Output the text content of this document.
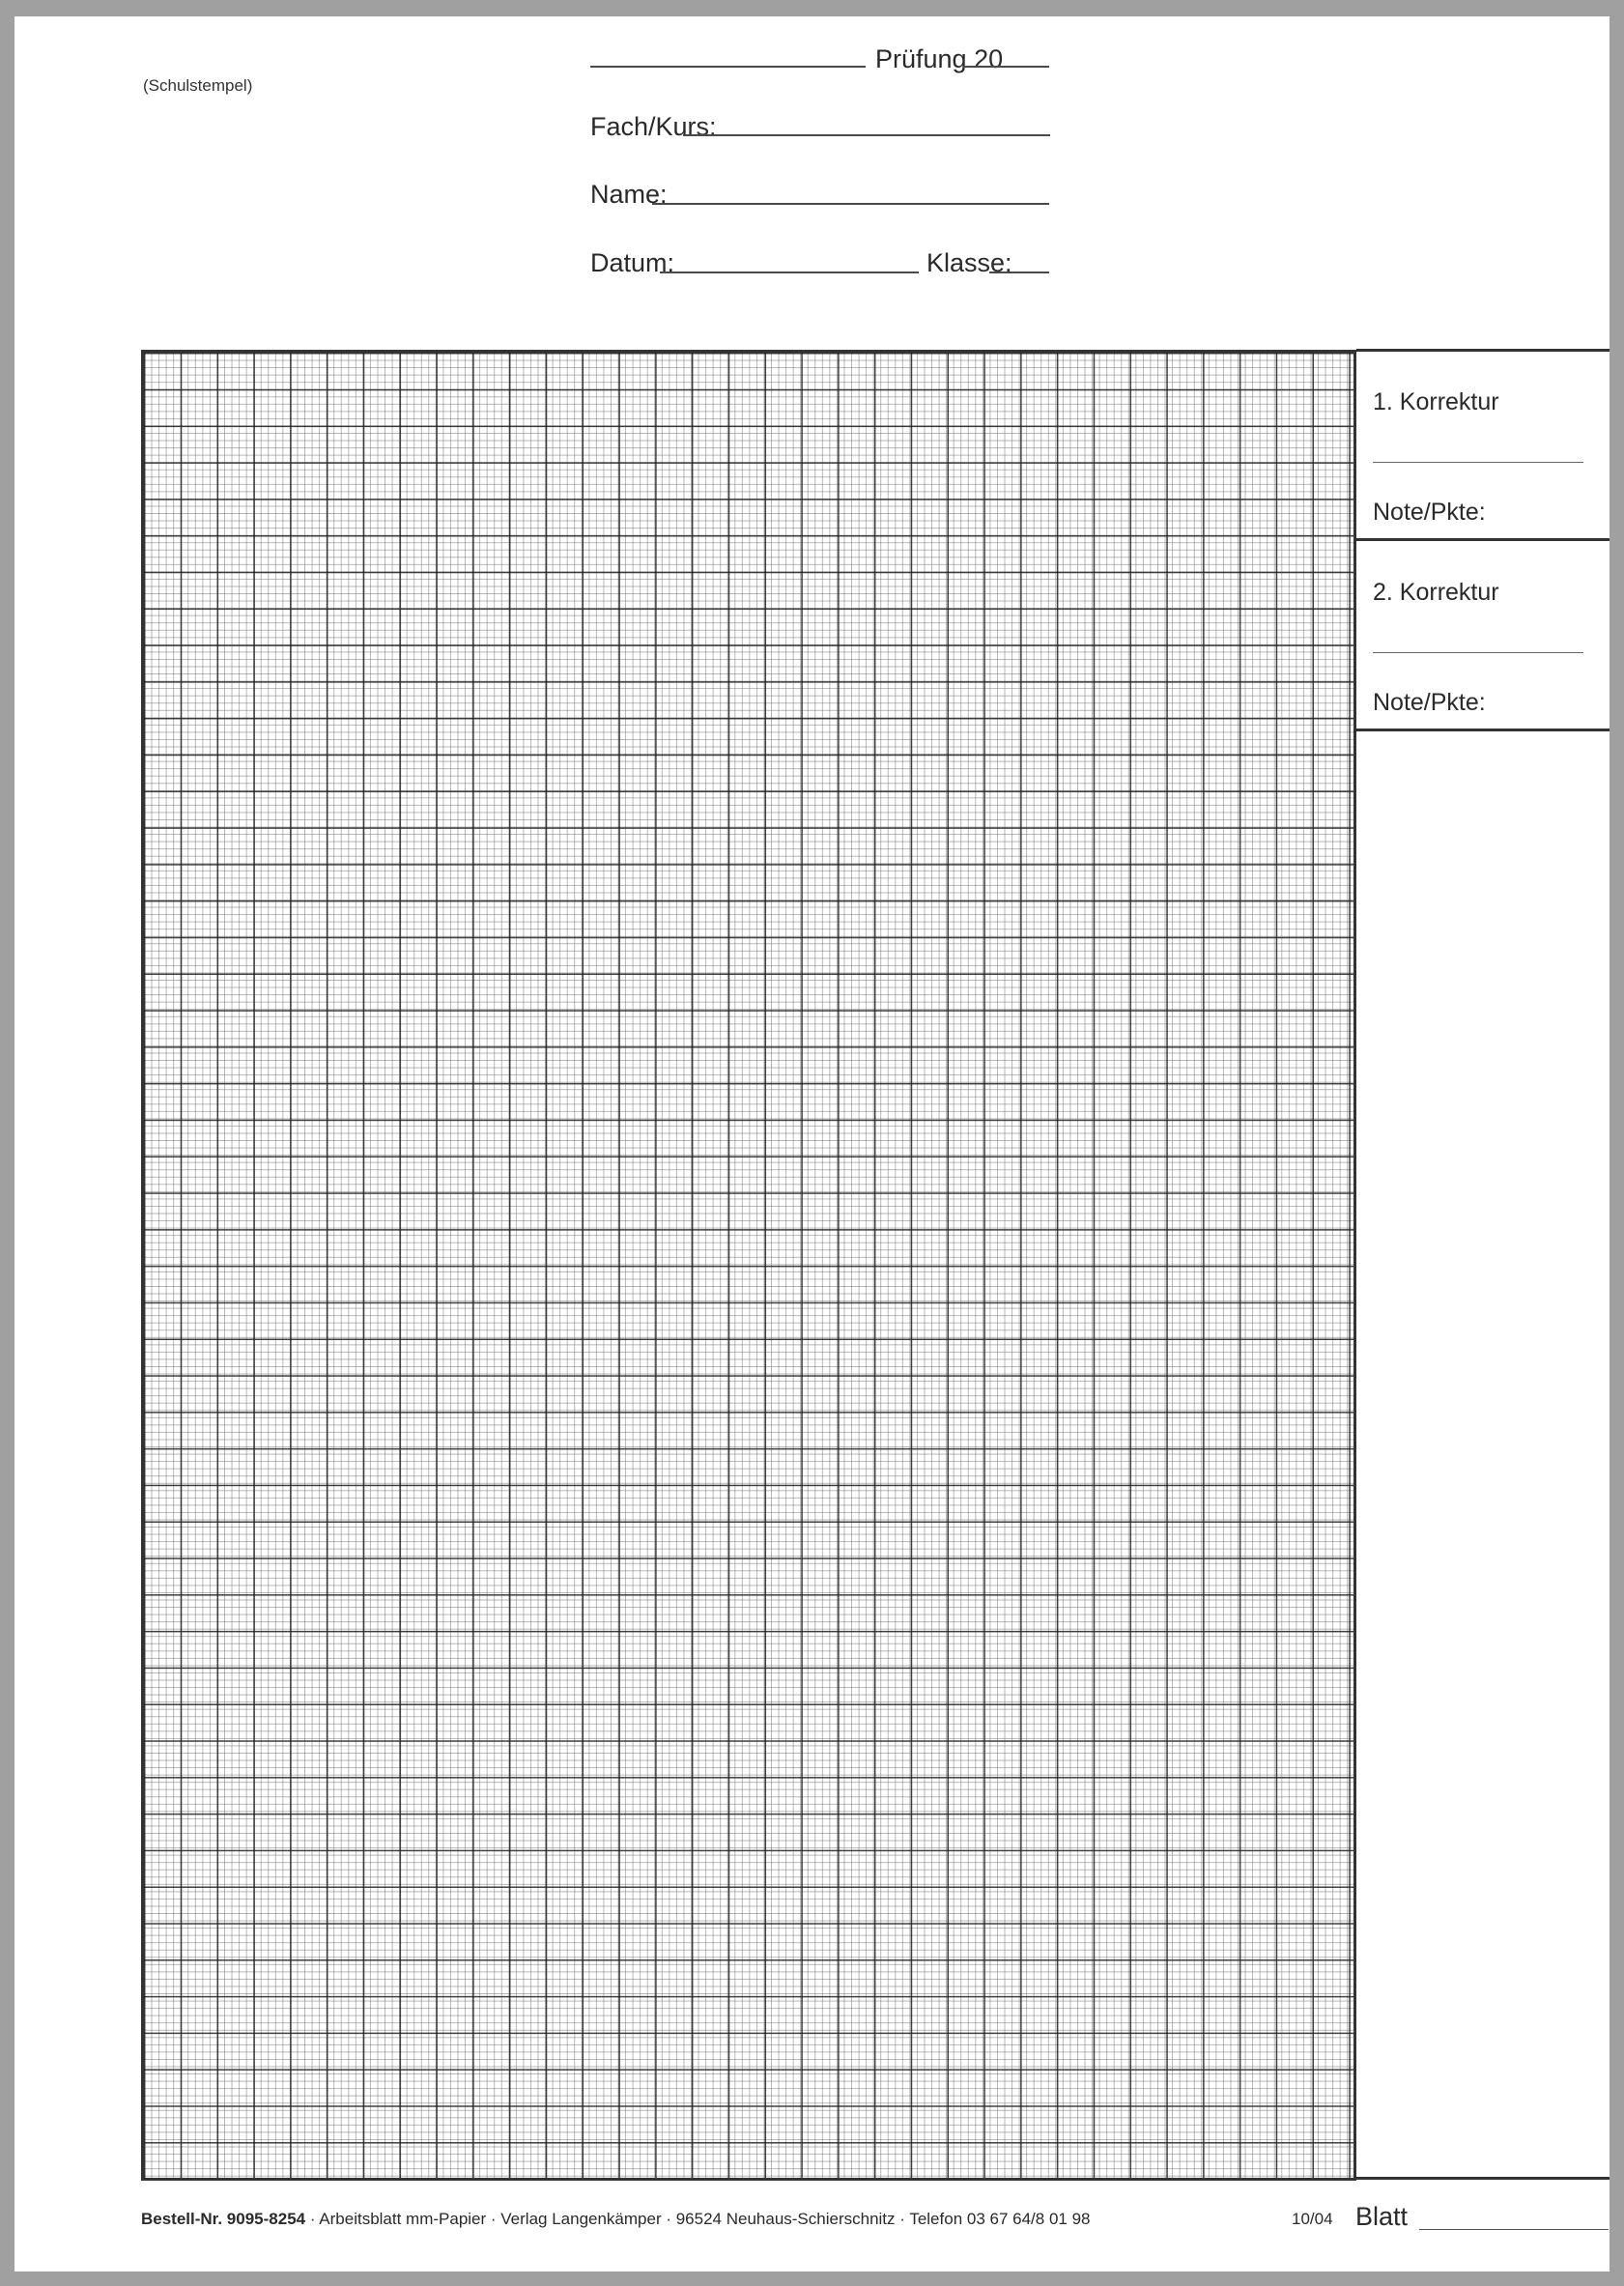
(Schulstempel)
Prüfung 20
Fach/Kurs:
Name:
Datum:	Klasse:
1. Korrektur
Note/Pkte:
2. Korrektur
Note/Pkte:
Bestell-Nr. 9095-8254 · Arbeitsblatt mm-Papier · Verlag Langenkämper · 96524 Neuhaus-Schierschnitz · Telefon 03 67 64/8 01 98	10/04 Blatt
